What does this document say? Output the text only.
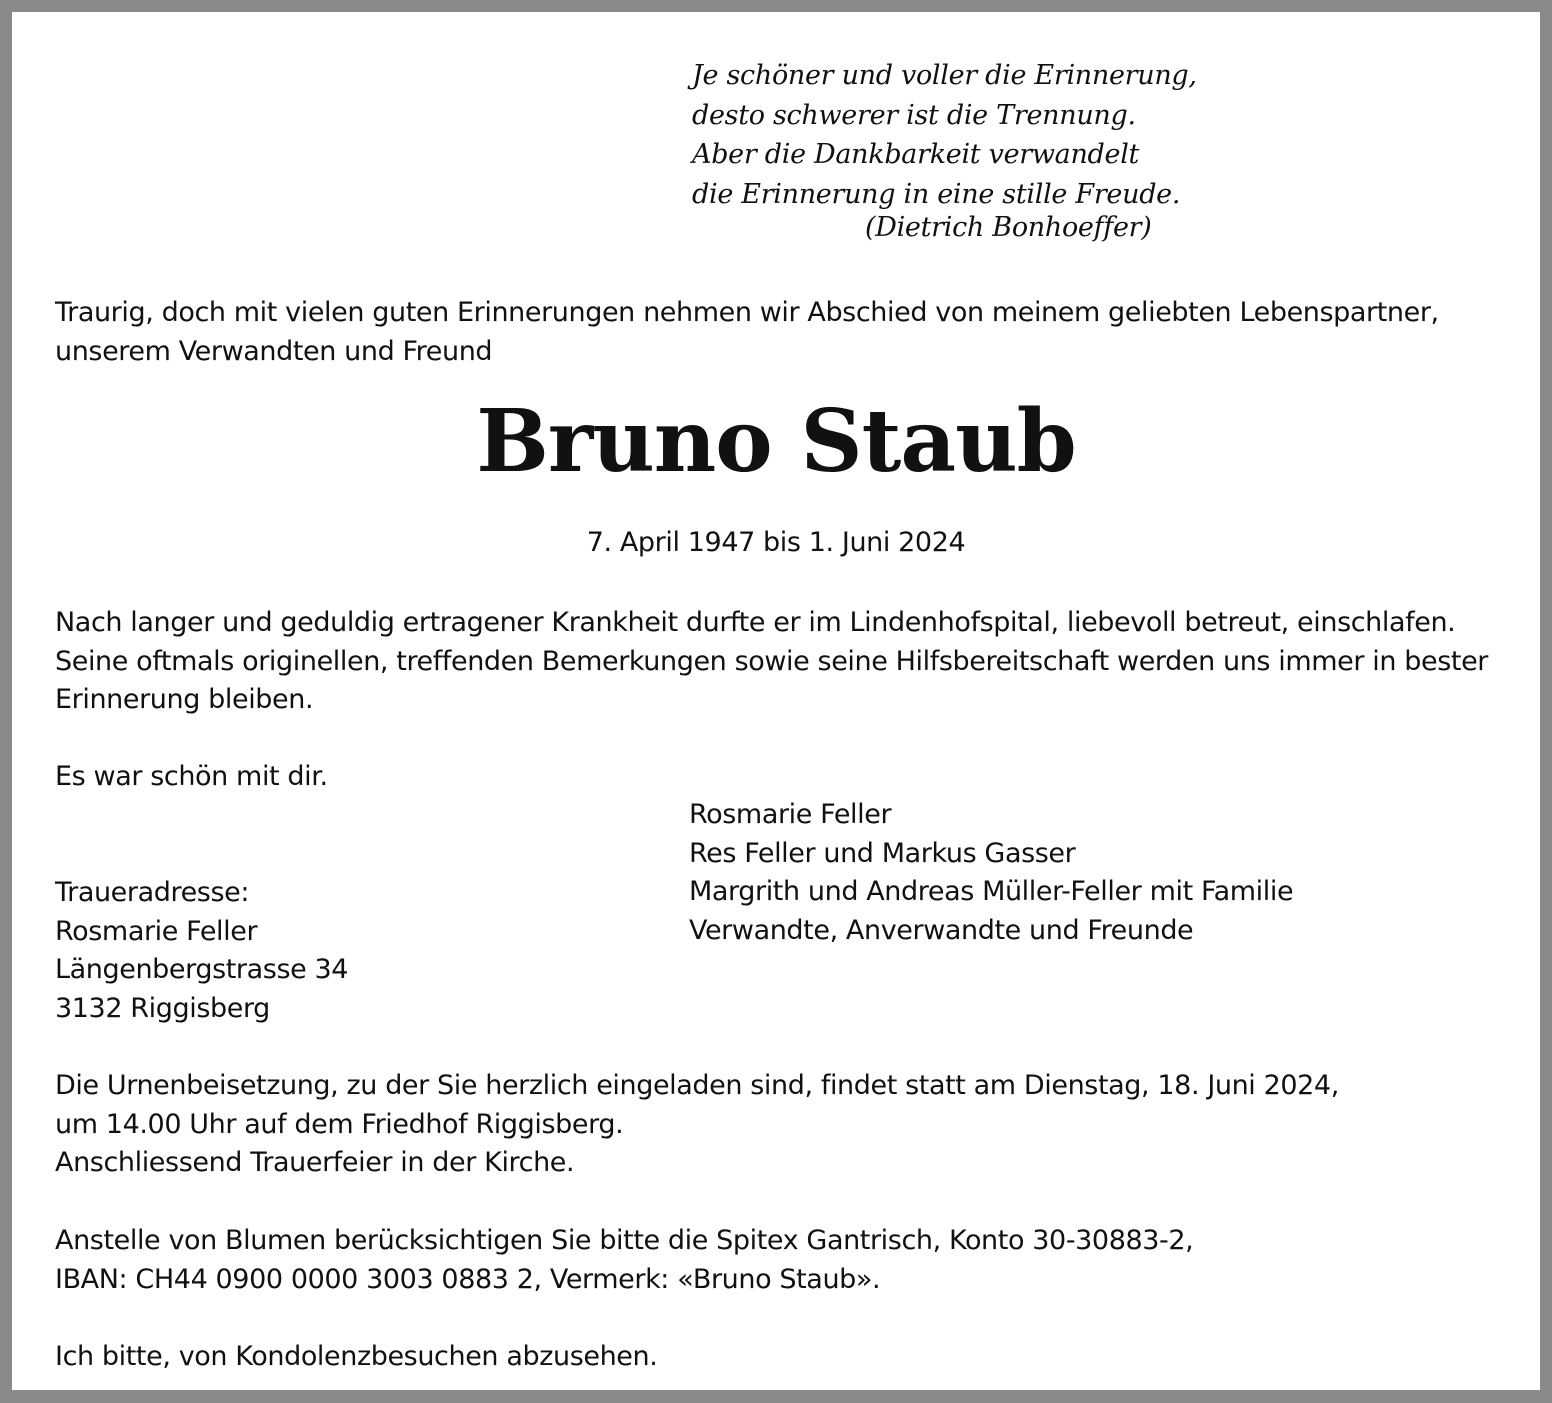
Je schöner und voller die Erinnerung,
desto schwerer ist die Trennung.
Aber die Dankbarkeit verwandelt
die Erinnerung in eine stille Freude.

(Dietrich Bonhoeffer)

Traurig, doch mit vielen guten Erinnerungen nehmen wir Abschied von meinem geliebten Lebenspartner,
unserem Verwandten und Freund
Bruno Staub

7. April 1947 bis 1. Juni 2024

Nach langer und geduldig ertragener Krankheit durfte er im Lindenhofspital, liebevoll betreut, einschlafen.
Seine oftmals originellen, treffenden Bemerkungen sowie seine Hilfsbereitschaft werden uns immer in bester
Erinnerung bleiben.

Es war schön mit dir.

Rosmarie Feller
Res Feller und Markus Gasser
Margrith und Andreas Müller-Feller mit Familie
Verwandte, Anverwandte und Freunde
Traueradresse:
Rosmarie Feller
Längenbergstrasse 34
3132 Riggisberg
Die Urnenbeisetzung, zu der Sie herzlich eingeladen sind, findet statt am Dienstag, 18. Juni 2024,
um 14.00 Uhr auf dem Friedhof Riggisberg.
Anschliessend Trauerfeier in der Kirche.
Anstelle von Blumen berücksichtigen Sie bitte die Spitex Gantrisch, Konto 30-30883-2,
IBAN: CH44 0900 0000 3003 0883 2, Vermerk: «Bruno Staub».

Ich bitte, von Kondolenzbesuchen abzusehen.
